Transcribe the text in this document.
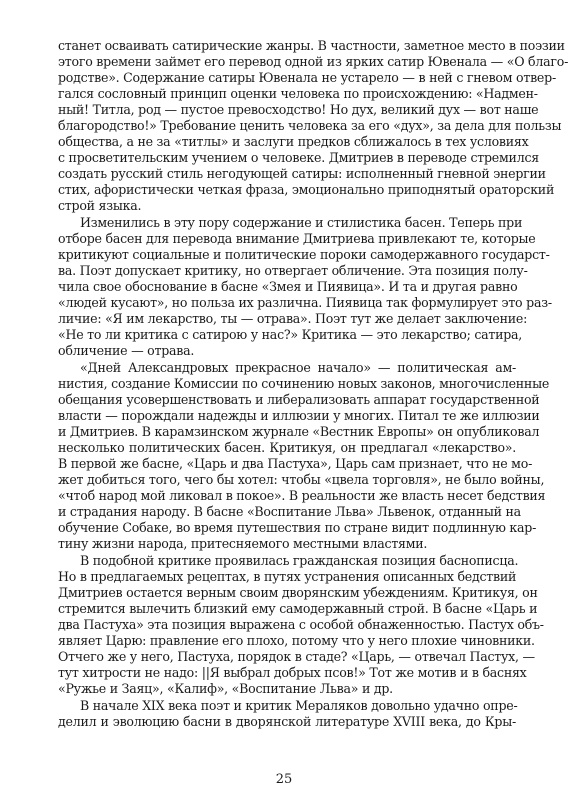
станет осваивать сатирические жанры. В частности, заметное место в поэзии
этого времени займет его перевод одной из ярких сатир Ювенала — «О благо-
родстве». Содержание сатиры Ювенала не устарело — в ней с гневом отвер-
гался сословный принцип оценки человека по происхождению: «Надмен-
ный! Титла, род — пустое превосходство! Но дух, великий дух — вот наше
благородство!» Требование ценить человека за его «дух», за дела для пользы
общества, а не за «титлы» и заслуги предков сближалось в тех условиях
с просветительским учением о человеке. Дмитриев в переводе стремился
создать русский стиль негодующей сатиры: исполненный гневной энергии
стих, афористически четкая фраза, эмоционально приподнятый ораторский
строй языка.
Изменились в эту пору содержание и стилистика басен. Теперь при
отборе басен для перевода внимание Дмитриева привлекают те, которые
критикуют социальные и политические пороки самодержавного государст-
ва. Поэт допускает критику, но отвергает обличение. Эта позиция полу-
чила свое обоснование в басне «Змея и Пиявица». И та и другая равно
«людей кусают», но польза их различна. Пиявица так формулирует это раз-
личие: «Я им лекарство, ты — отрава». Поэт тут же делает заключение:
«Не то ли критика с сатирою у нас?» Критика — это лекарство; сатира,
обличение — отрава.
«Дней Александровых прекрасное начало» — политическая ам-
нистия, создание Комиссии по сочинению новых законов, многочисленные
обещания усовершенствовать и либерализовать аппарат государственной
власти — порождали надежды и иллюзии у многих. Питал те же иллюзии
и Дмитриев. В карамзинском журнале «Вестник Европы» он опубликовал
несколько политических басен. Критикуя, он предлагал «лекарство».
В первой же басне, «Царь и два Пастуха», Царь сам признает, что не мо-
жет добиться того, чего бы хотел: чтобы «цвела торговля», не было войны,
«чтоб народ мой ликовал в покое». В реальности же власть несет бедствия
и страдания народу. В басне «Воспитание Льва» Львенок, отданный на
обучение Собаке, во время путешествия по стране видит подлинную кар-
тину жизни народа, притесняемого местными властями.
В подобной критике проявилась гражданская позиция баснописца.
Но в предлагаемых рецептах, в путях устранения описанных бедствий
Дмитриев остается верным своим дворянским убеждениям. Критикуя, он
стремится вылечить близкий ему самодержавный строй. В басне «Царь и
два Пастуха» эта позиция выражена с особой обнаженностью. Пастух объ-
являет Царю: правление его плохо, потому что у него плохие чиновники.
Отчего же у него, Пастуха, порядок в стаде? «Царь, — отвечал Пастух, —
тут хитрости не надо: ||Я выбрал добрых псов!» Тот же мотив и в баснях
«Ружье и Заяц», «Калиф», «Воспитание Льва» и др.
В начале XIX века поэт и критик Мераляков довольно удачно опре-
делил и эволюцию басни в дворянской литературе XVIII века, до Кры-
25
